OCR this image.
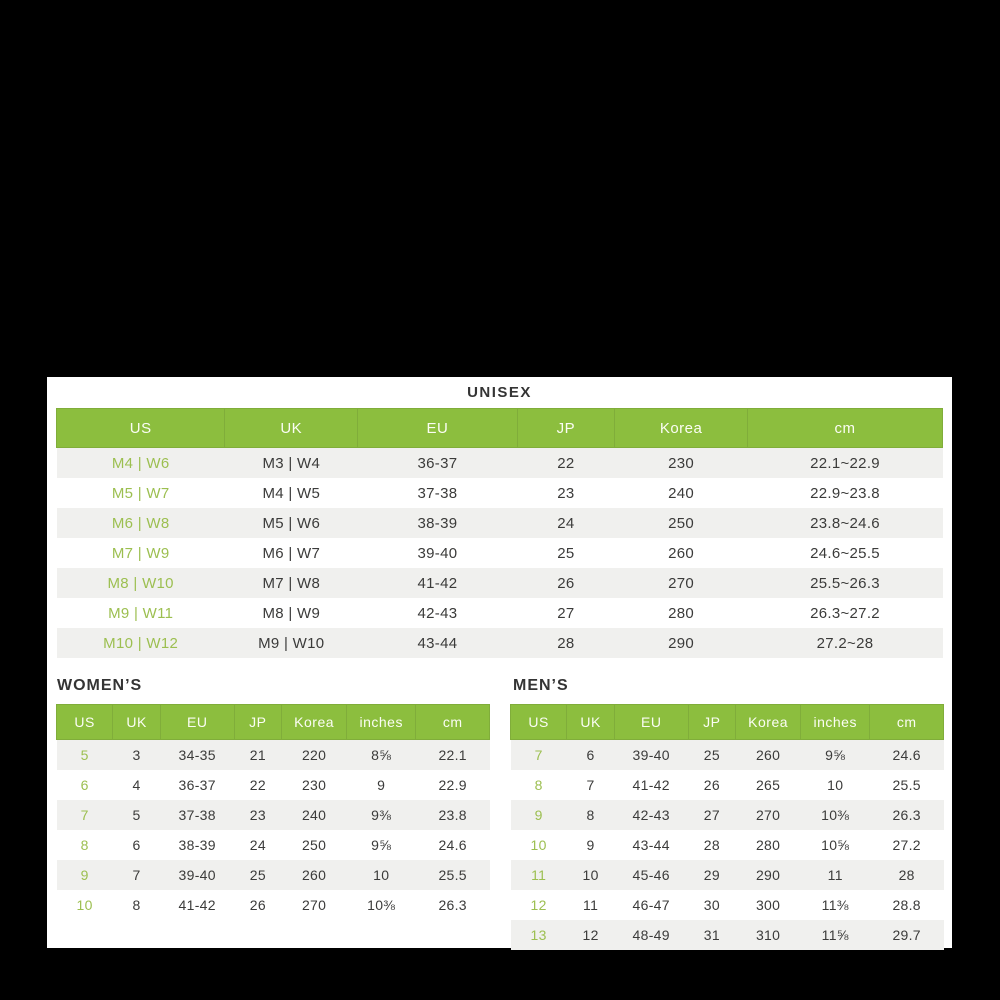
UNISEX
US	UK	EU	JP	Korea	cm
M4 | W6	M3 | W4	36-37	22	230	22.1~22.9
M5 | W7	M4 | W5	37-38	23	240	22.9~23.8
M6 | W8	M5 | W6	38-39	24	250	23.8~24.6
M7 | W9	M6 | W7	39-40	25	260	24.6~25.5
M8 | W10	M7 | W8	41-42	26	270	25.5~26.3
M9 | W11	M8 | W9	42-43	27	280	26.3~27.2
M10 | W12	M9 | W10	43-44	28	290	27.2~28
WOMEN’S
US	UK	EU	JP	Korea	inches	cm
5	3	34-35	21	220	8⅝	22.1
6	4	36-37	22	230	9	22.9
7	5	37-38	23	240	9⅜	23.8
8	6	38-39	24	250	9⅝	24.6
9	7	39-40	25	260	10	25.5
10	8	41-42	26	270	10⅜	26.3
MEN’S
US	UK	EU	JP	Korea	inches	cm
7	6	39-40	25	260	9⅝	24.6
8	7	41-42	26	265	10	25.5
9	8	42-43	27	270	10⅜	26.3
10	9	43-44	28	280	10⅝	27.2
11	10	45-46	29	290	11	28
12	11	46-47	30	300	11⅜	28.8
13	12	48-49	31	310	11⅝	29.7
